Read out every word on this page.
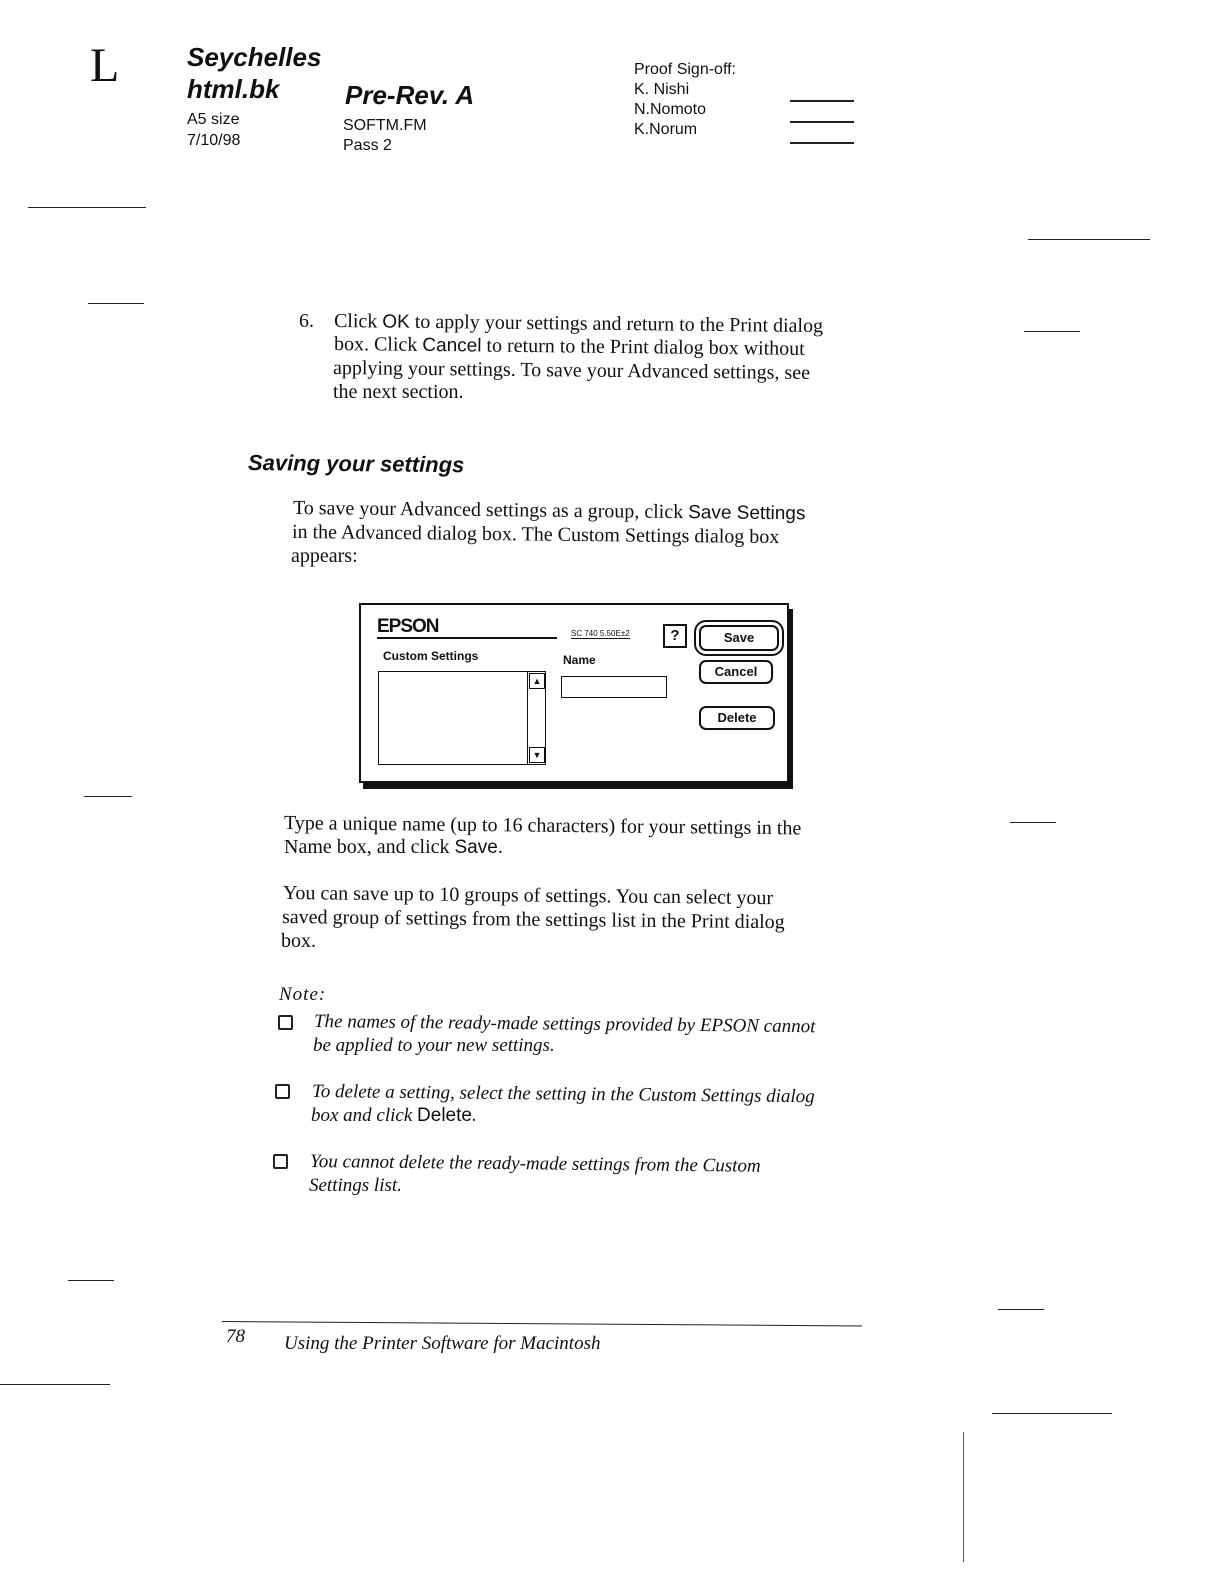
L	Seychelles
html.bk	Pre-Rev. A
A5 size
7/10/98
SOFTM.FM
Pass 2
Proof Sign-off:
K. Nishi
N.Nomoto
K.Norum
6. Click OK to apply your settings and return to the Print dialog
box. Click Cancel to return to the Print dialog box without
applying your settings. To save your Advanced settings, see
the next section.
Saving your settings
To save your Advanced settings as a group, click Save Settings
in the Advanced dialog box. The Custom Settings dialog box
appears:
EPSON	SC 740 5.50E±2	?	Save
Cancel
Delete
Custom Settings	Name
▲
▼
Type a unique name (up to 16 characters) for your settings in the
Name box, and click Save.
You can save up to 10 groups of settings. You can select your
saved group of settings from the settings list in the Print dialog
box.
Note:
The names of the ready-made settings provided by EPSON cannot
be applied to your new settings.
To delete a setting, select the setting in the Custom Settings dialog
box and click Delete.
You cannot delete the ready-made settings from the Custom
Settings list.
78 Using the Printer Software for Macintosh
